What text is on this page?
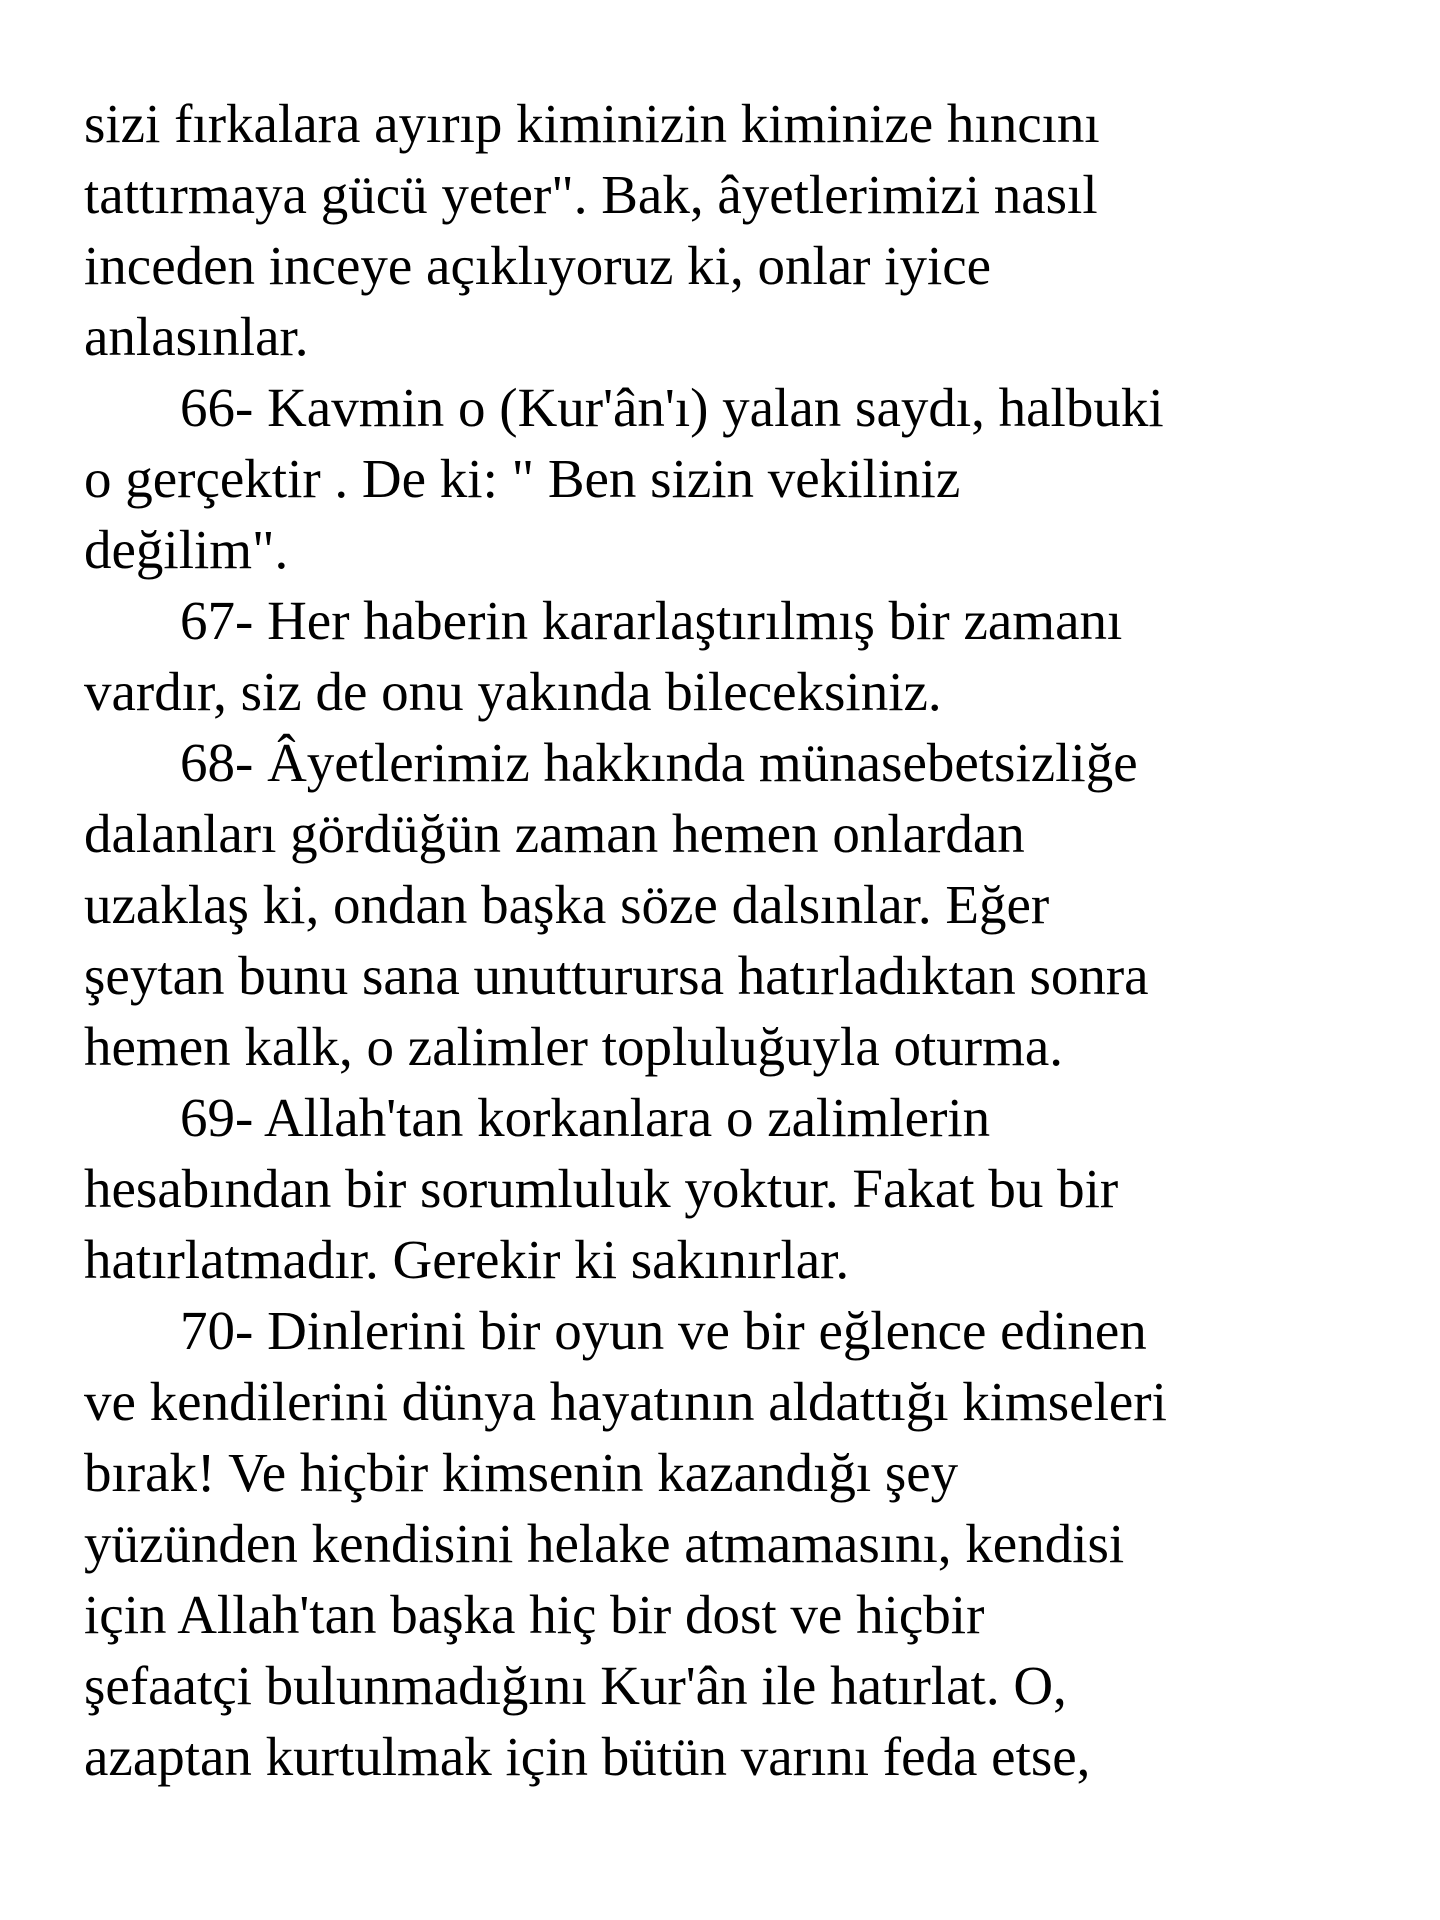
sizi fırkalara ayırıp kiminizin kiminize hıncını
tattırmaya gücü yeter". Bak, âyetlerimizi nasıl
inceden inceye açıklıyoruz ki, onlar iyice
anlasınlar.
66- Kavmin o (Kur'ân'ı) yalan saydı, halbuki
o gerçektir . De ki: " Ben sizin vekiliniz
değilim".
67- Her haberin kararlaştırılmış bir zamanı
vardır, siz de onu yakında bileceksiniz.
68- Âyetlerimiz hakkında münasebetsizliğe
dalanları gördüğün zaman hemen onlardan
uzaklaş ki, ondan başka söze dalsınlar. Eğer
şeytan bunu sana unutturursa hatırladıktan sonra
hemen kalk, o zalimler topluluğuyla oturma.
69- Allah'tan korkanlara o zalimlerin
hesabından bir sorumluluk yoktur. Fakat bu bir
hatırlatmadır. Gerekir ki sakınırlar.
70- Dinlerini bir oyun ve bir eğlence edinen
ve kendilerini dünya hayatının aldattığı kimseleri
bırak! Ve hiçbir kimsenin kazandığı şey
yüzünden kendisini helake atmamasını, kendisi
için Allah'tan başka hiç bir dost ve hiçbir
şefaatçi bulunmadığını Kur'ân ile hatırlat. O,
azaptan kurtulmak için bütün varını feda etse,
